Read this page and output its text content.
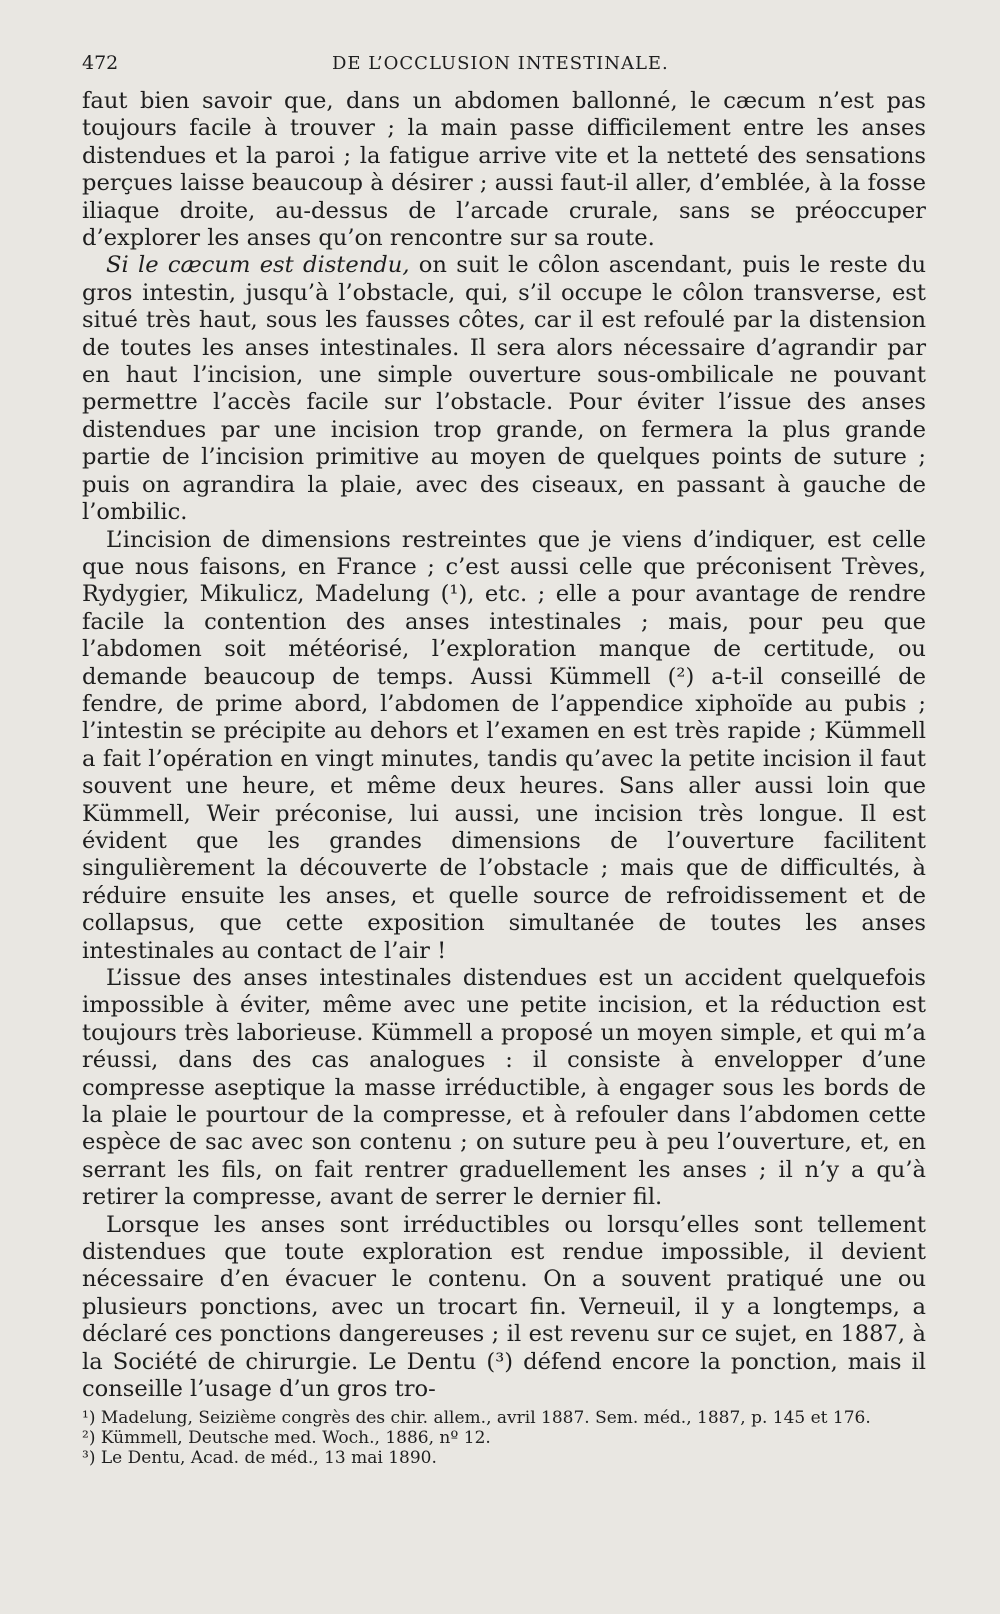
472	DE L’OCCLUSION INTESTINALE.

faut bien savoir que, dans un abdomen ballonné, le cæcum n’est pas toujours facile à trouver ; la main passe difficilement entre les anses distendues et la paroi ; la fatigue arrive vite et la netteté des sensations perçues laisse beaucoup à désirer ; aussi faut-il aller, d’emblée, à la fosse iliaque droite, au-dessus de l’arcade crurale, sans se préoccuper d’explorer les anses qu’on rencontre sur sa route.

Si le cæcum est distendu, on suit le côlon ascendant, puis le reste du gros intestin, jusqu’à l’obstacle, qui, s’il occupe le côlon transverse, est situé très haut, sous les fausses côtes, car il est refoulé par la distension de toutes les anses intestinales. Il sera alors nécessaire d’agrandir par en haut l’incision, une simple ouverture sous-ombilicale ne pouvant permettre l’accès facile sur l’obstacle. Pour éviter l’issue des anses distendues par une incision trop grande, on fermera la plus grande partie de l’incision primitive au moyen de quelques points de suture ; puis on agrandira la plaie, avec des ciseaux, en passant à gauche de l’ombilic.

L’incision de dimensions restreintes que je viens d’indiquer, est celle que nous faisons, en France ; c’est aussi celle que préconisent Trèves, Rydygier, Mikulicz, Madelung (¹), etc. ; elle a pour avantage de rendre facile la contention des anses intestinales ; mais, pour peu que l’abdomen soit météorisé, l’exploration manque de certitude, ou demande beaucoup de temps. Aussi Kümmell (²) a-t-il conseillé de fendre, de prime abord, l’abdomen de l’appendice xiphoïde au pubis ; l’intestin se précipite au dehors et l’examen en est très rapide ; Kümmell a fait l’opération en vingt minutes, tandis qu’avec la petite incision il faut souvent une heure, et même deux heures. Sans aller aussi loin que Kümmell, Weir préconise, lui aussi, une incision très longue. Il est évident que les grandes dimensions de l’ouverture facilitent singulièrement la découverte de l’obstacle ; mais que de difficultés, à réduire ensuite les anses, et quelle source de refroidissement et de collapsus, que cette exposition simultanée de toutes les anses intestinales au contact de l’air !

L’issue des anses intestinales distendues est un accident quelquefois impossible à éviter, même avec une petite incision, et la réduction est toujours très laborieuse. Kümmell a proposé un moyen simple, et qui m’a réussi, dans des cas analogues : il consiste à envelopper d’une compresse aseptique la masse irréductible, à engager sous les bords de la plaie le pourtour de la compresse, et à refouler dans l’abdomen cette espèce de sac avec son contenu ; on suture peu à peu l’ouverture, et, en serrant les fils, on fait rentrer graduellement les anses ; il n’y a qu’à retirer la compresse, avant de serrer le dernier fil.

Lorsque les anses sont irréductibles ou lorsqu’elles sont tellement distendues que toute exploration est rendue impossible, il devient nécessaire d’en évacuer le contenu. On a souvent pratiqué une ou plusieurs ponctions, avec un trocart fin. Verneuil, il y a longtemps, a déclaré ces ponctions dangereuses ; il est revenu sur ce sujet, en 1887, à la Société de chirurgie. Le Dentu (³) défend encore la ponction, mais il conseille l’usage d’un gros tro-

¹) Madelung, Seizième congrès des chir. allem., avril 1887. Sem. méd., 1887, p. 145 et 176.
²) Kümmell, Deutsche med. Woch., 1886, nº 12.
³) Le Dentu, Acad. de méd., 13 mai 1890.
